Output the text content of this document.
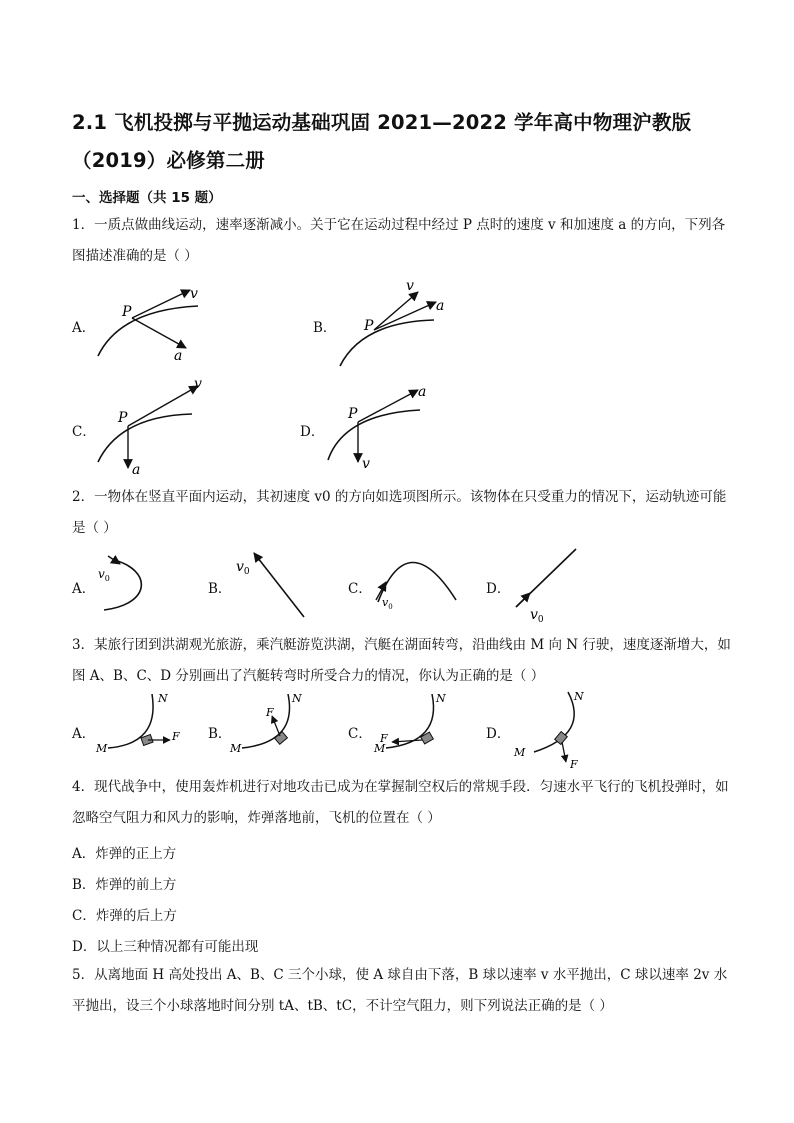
2.1 飞机投掷与平抛运动基础巩固 2021—2022 学年高中物理沪教版（2019）必修第二册
一、选择题（共 15 题）
1．一质点做曲线运动，速率逐渐减小。关于它在运动过程中经过 P 点时的速度 v 和加速度 a 的方向，下列各图描述准确的是（ ）
A．
P
v
a
B． P
v
a
C．
P
v
a
D．
P
a
v
2．一物体在竖直平面内运动，其初速度 v0 的方向如选项图所示。该物体在只受重力的情况下，运动轨迹可能是（ ）
A．
$v_0$
B．
$v_0$
C．
$v_0$
D．
$v_0$
3．某旅行团到洪湖观光旅游，乘汽艇游览洪湖，汽艇在湖面转弯，沿曲线由 M 向 N 行驶，速度逐渐增大，如图 A、B、C、D 分别画出了汽艇转弯时所受合力的情况，你认为正确的是（ ）
A．
M
N
F B．
M
N
F
C．
M
N
F	D．
M
N
F
4．现代战争中，使用轰炸机进行对地攻击已成为在掌握制空权后的常规手段．匀速水平飞行的飞机投弹时，如忽略空气阻力和风力的影响，炸弹落地前，飞机的位置在（ ）
A．炸弹的正上方
B．炸弹的前上方
C．炸弹的后上方
D．以上三种情况都有可能出现
5．从离地面 H 高处投出 A、B、C 三个小球，使 A 球自由下落，B 球以速率 v 水平抛出，C 球以速率 2v 水平抛出，设三个小球落地时间分别 tA、tB、tC，不计空气阻力，则下列说法正确的是（ ）
